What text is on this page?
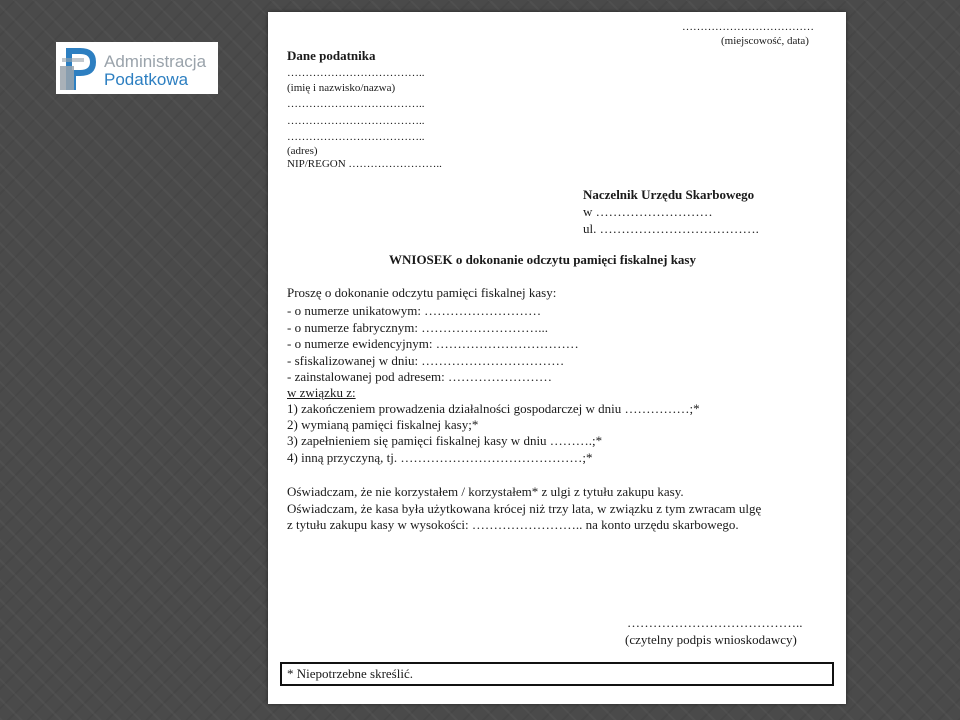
Administracja
Podatkowa
………………………………
(miejscowość, data)
Dane podatnika
………………………………..
(imię i nazwisko/nazwa)
………………………………..
………………………………..
………………………………..
(adres)
NIP/REGON ……………………..
Naczelnik Urzędu Skarbowego
w ………………………
ul. ……………………………….
WNIOSEK o dokonanie odczytu pamięci fiskalnej kasy
Proszę o dokonanie odczytu pamięci fiskalnej kasy:
- o numerze unikatowym: ………………………
- o numerze fabrycznym: ………………………...
- o numerze ewidencyjnym: ……………………………
- sfiskalizowanej w dniu: ……………………………
- zainstalowanej pod adresem: ……………………
w związku z:
1) zakończeniem prowadzenia działalności gospodarczej w dniu ……………;*
2) wymianą pamięci fiskalnej kasy;*
3) zapełnieniem się pamięci fiskalnej kasy w dniu ……….;*
4) inną przyczyną, tj. ……………………………………;*
Oświadczam, że nie korzystałem / korzystałem* z ulgi z tytułu zakupu kasy.
Oświadczam, że kasa była użytkowana krócej niż trzy lata, w związku z tym zwracam ulgę
z tytułu zakupu kasy w wysokości: …………………….. na konto urzędu skarbowego.
…………………………………..
(czytelny podpis wnioskodawcy)
* Niepotrzebne skreślić.
